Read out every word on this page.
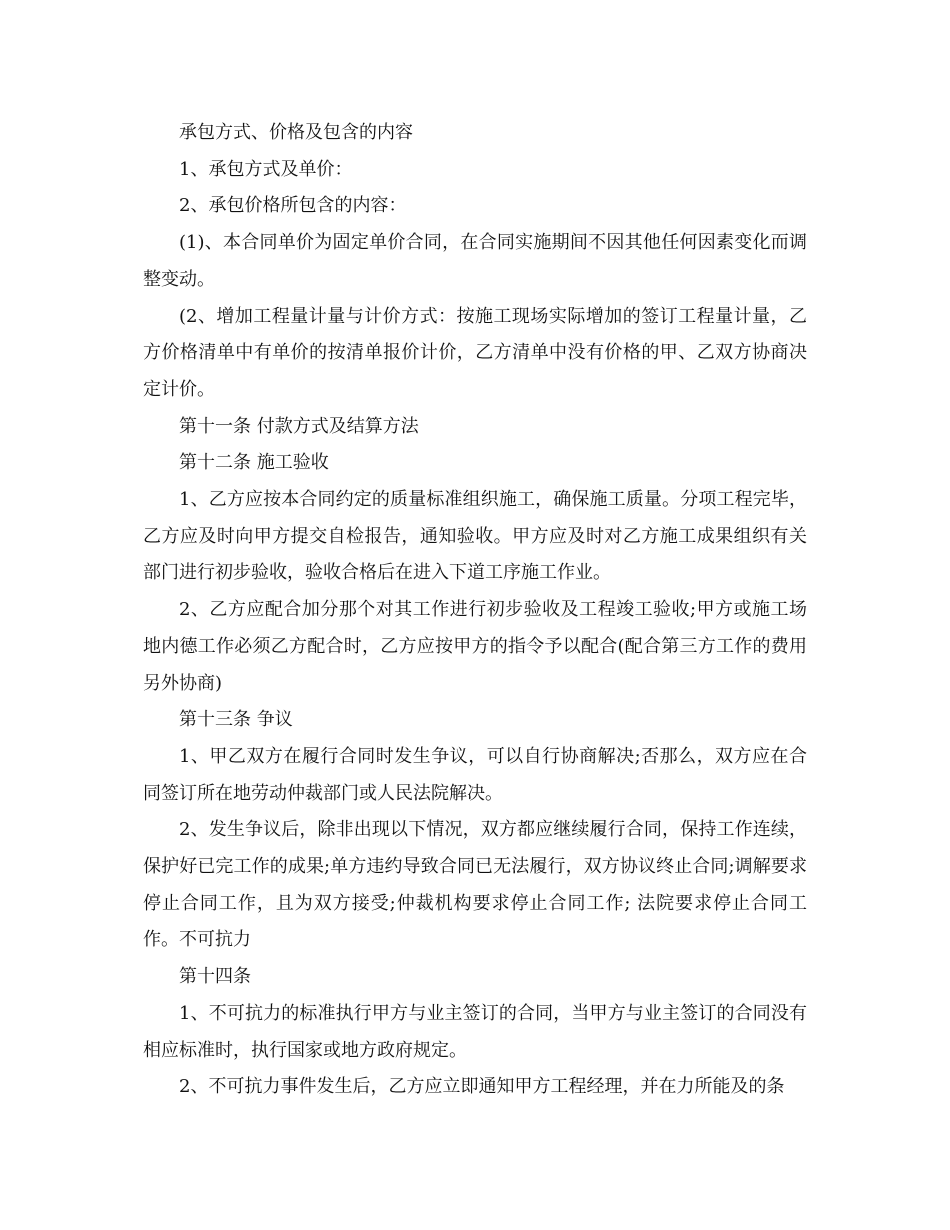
承包方式、价格及包含的内容

1、承包方式及单价：

2、承包价格所包含的内容：

(1)、本合同单价为固定单价合同，在合同实施期间不因其他任何因素变化而调整变动。

(2、增加工程量计量与计价方式：按施工现场实际增加的签订工程量计量，乙方价格清单中有单价的按清单报价计价，乙方清单中没有价格的甲、乙双方协商决定计价。

第十一条 付款方式及结算方法

第十二条 施工验收

1、乙方应按本合同约定的质量标准组织施工，确保施工质量。分项工程完毕，乙方应及时向甲方提交自检报告，通知验收。甲方应及时对乙方施工成果组织有关部门进行初步验收，验收合格后在进入下道工序施工作业。

2、乙方应配合加分那个对其工作进行初步验收及工程竣工验收;甲方或施工场地内德工作必须乙方配合时，乙方应按甲方的指令予以配合(配合第三方工作的费用另外协商)

第十三条 争议

1、甲乙双方在履行合同时发生争议，可以自行协商解决;否那么，双方应在合同签订所在地劳动仲裁部门或人民法院解决。

2、发生争议后，除非出现以下情况，双方都应继续履行合同，保持工作连续，保护好已完工作的成果;单方违约导致合同已无法履行，双方协议终止合同;调解要求停止合同工作，且为双方接受;仲裁机构要求停止合同工作; 法院要求停止合同工作。不可抗力

第十四条

1、不可抗力的标准执行甲方与业主签订的合同，当甲方与业主签订的合同没有相应标准时，执行国家或地方政府规定。

2、不可抗力事件发生后，乙方应立即通知甲方工程经理，并在力所能及的条
